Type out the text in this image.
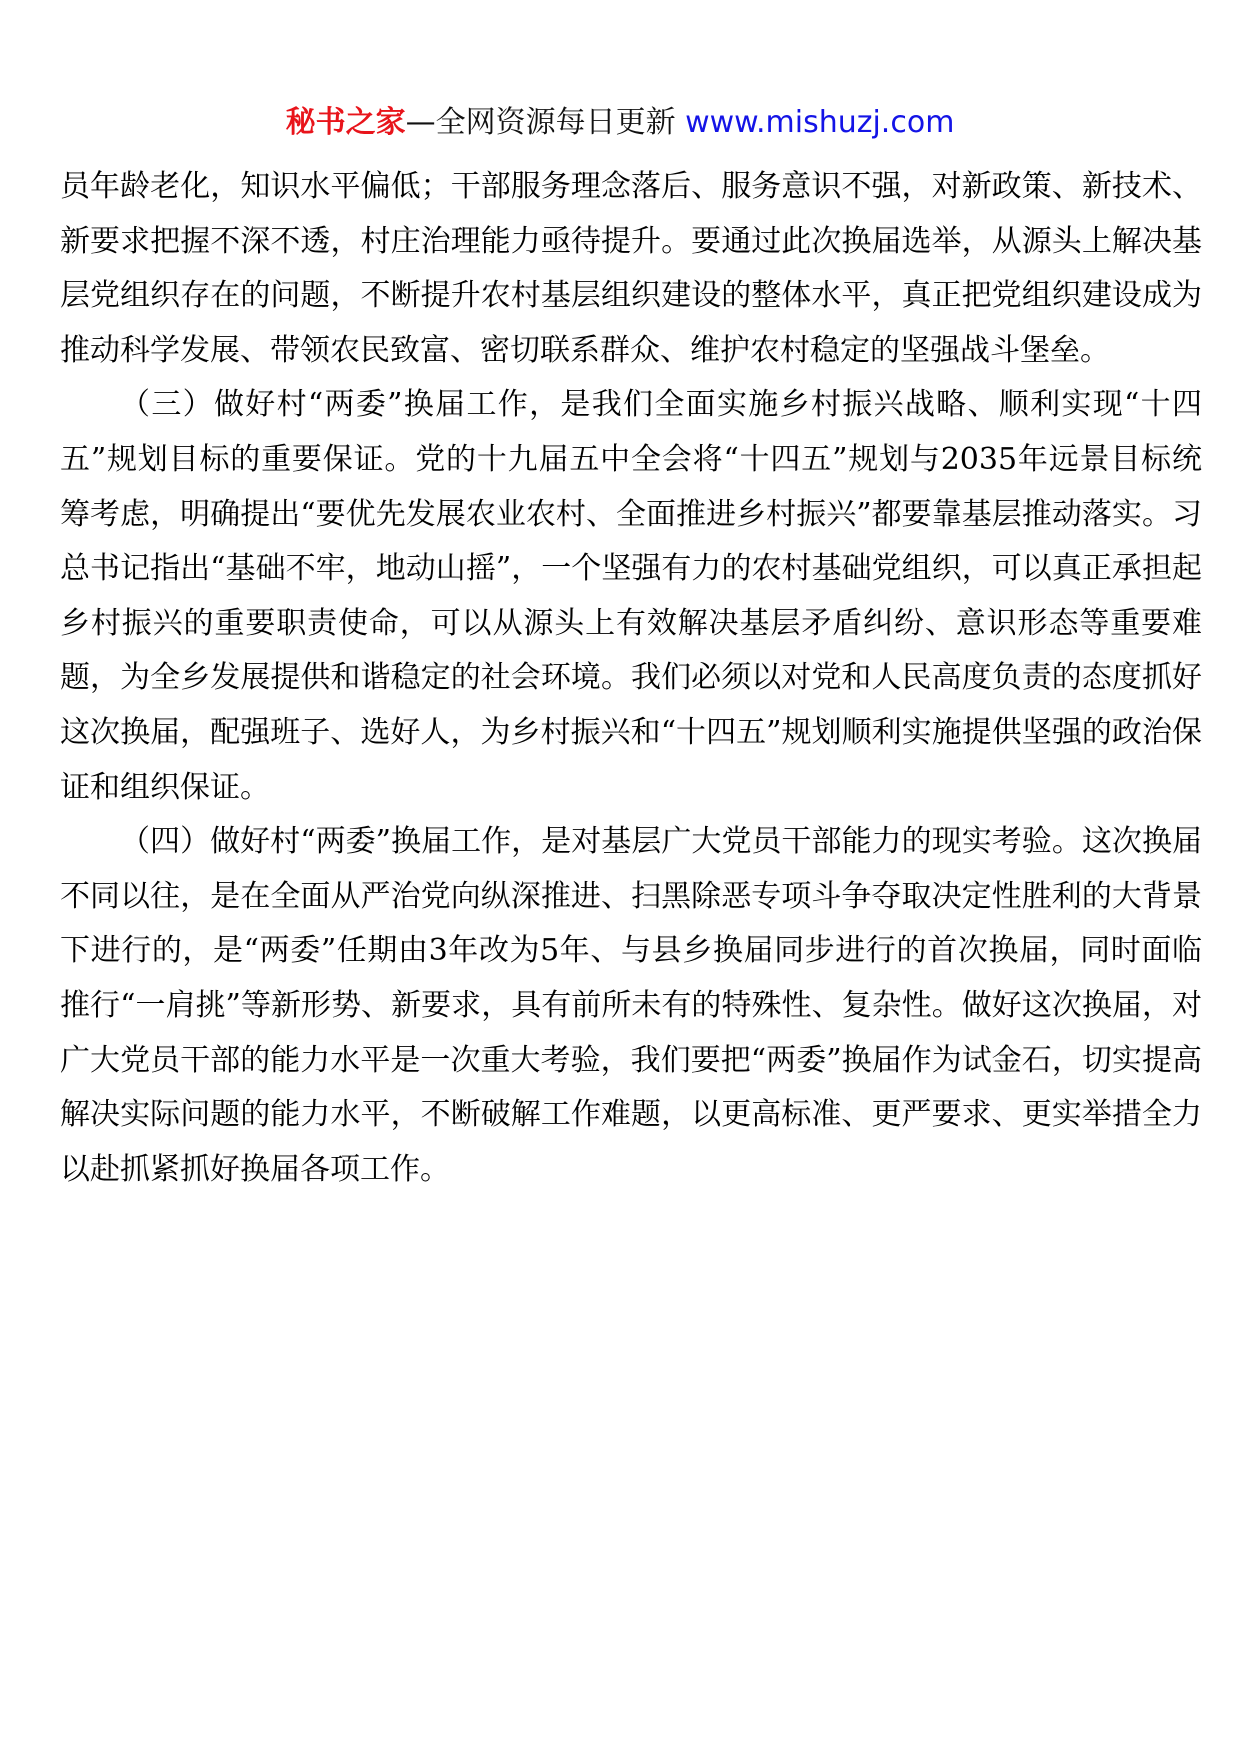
秘书之家—全网资源每日更新 www.mishuzj.com

员年龄老化，知识水平偏低；干部服务理念落后、服务意识不强，对新政策、新技术、新要求把握不深不透，村庄治理能力亟待提升。要通过此次换届选举，从源头上解决基层党组织存在的问题，不断提升农村基层组织建设的整体水平，真正把党组织建设成为推动科学发展、带领农民致富、密切联系群众、维护农村稳定的坚强战斗堡垒。

（三）做好村“两委”换届工作，是我们全面实施乡村振兴战略、顺利实现“十四五”规划目标的重要保证。党的十九届五中全会将“十四五”规划与2035年远景目标统筹考虑，明确提出“要优先发展农业农村、全面推进乡村振兴”都要靠基层推动落实。习总书记指出“基础不牢，地动山摇”，一个坚强有力的农村基础党组织，可以真正承担起乡村振兴的重要职责使命，可以从源头上有效解决基层矛盾纠纷、意识形态等重要难题，为全乡发展提供和谐稳定的社会环境。我们必须以对党和人民高度负责的态度抓好这次换届，配强班子、选好人，为乡村振兴和“十四五”规划顺利实施提供坚强的政治保证和组织保证。

（四）做好村“两委”换届工作，是对基层广大党员干部能力的现实考验。这次换届不同以往，是在全面从严治党向纵深推进、扫黑除恶专项斗争夺取决定性胜利的大背景下进行的，是“两委”任期由3年改为5年、与县乡换届同步进行的首次换届，同时面临推行“一肩挑”等新形势、新要求，具有前所未有的特殊性、复杂性。做好这次换届，对广大党员干部的能力水平是一次重大考验，我们要把“两委”换届作为试金石，切实提高解决实际问题的能力水平，不断破解工作难题，以更高标准、更严要求、更实举措全力以赴抓紧抓好换届各项工作。
